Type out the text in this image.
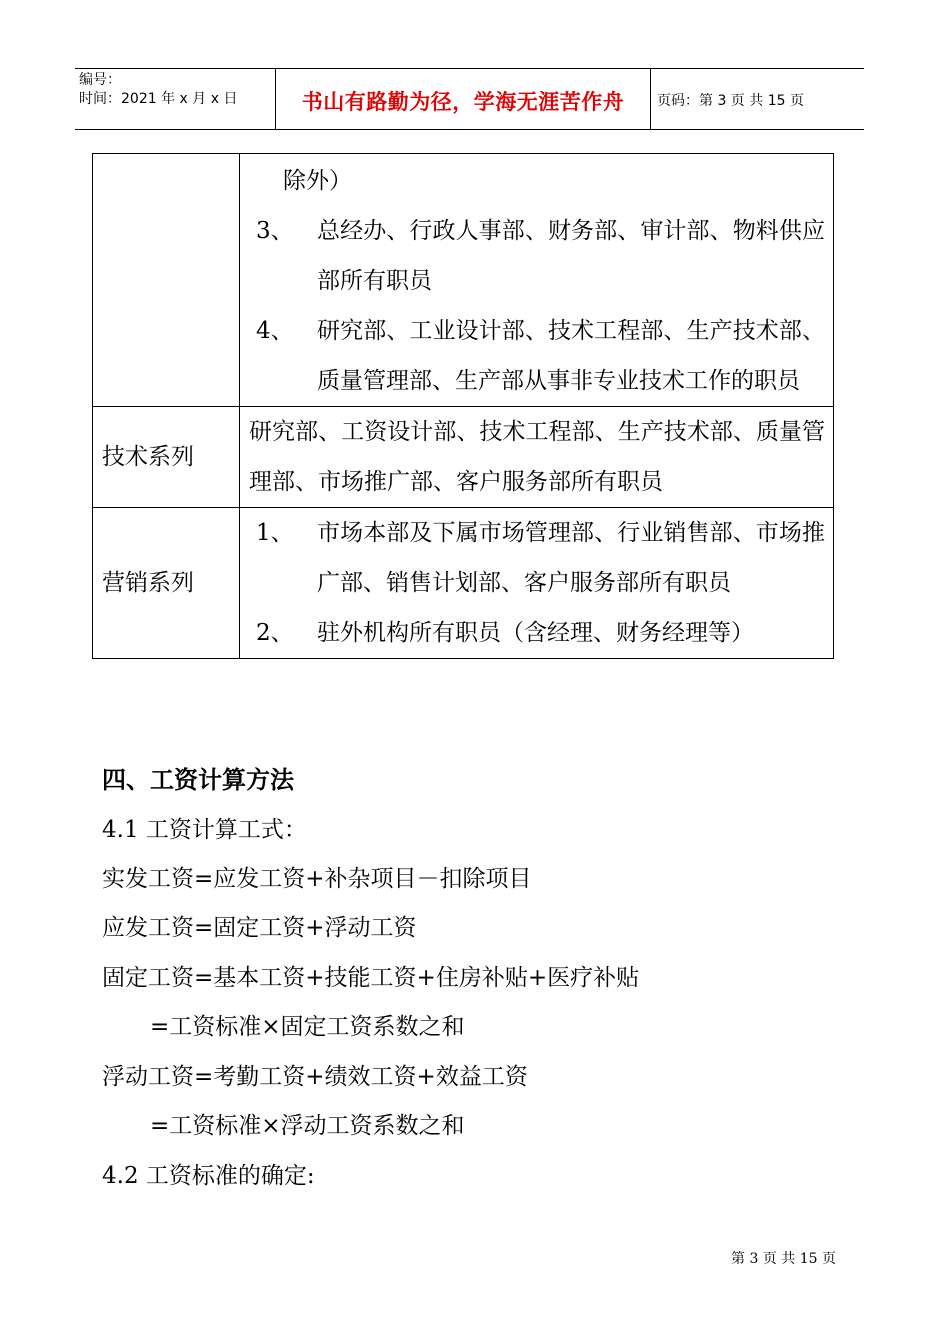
编号：
时间：2021 年 x 月 x 日	书山有路勤为径，学海无涯苦作舟	页码：第 3 页 共 15 页

	除外）
3、 总经办、行政人事部、财务部、审计部、物料供应部所有职员
4、 研究部、工业设计部、技术工程部、生产技术部、质量管理部、生产部从事非专业技术工作的职员

技术系列	研究部、工资设计部、技术工程部、生产技术部、质量管理部、市场推广部、客户服务部所有职员
营销系列	1、 市场本部及下属市场管理部、行业销售部、市场推广部、销售计划部、客户服务部所有职员
2、 驻外机构所有职员（含经理、财务经理等）
四、工资计算方法
4.1 工资计算工式：
实发工资=应发工资+补杂项目－扣除项目
应发工资=固定工资+浮动工资
固定工资=基本工资+技能工资+住房补贴+医疗补贴
=工资标准×固定工资系数之和
浮动工资=考勤工资+绩效工资+效益工资
=工资标准×浮动工资系数之和
4.2 工资标准的确定:
第 3 页 共 15 页
